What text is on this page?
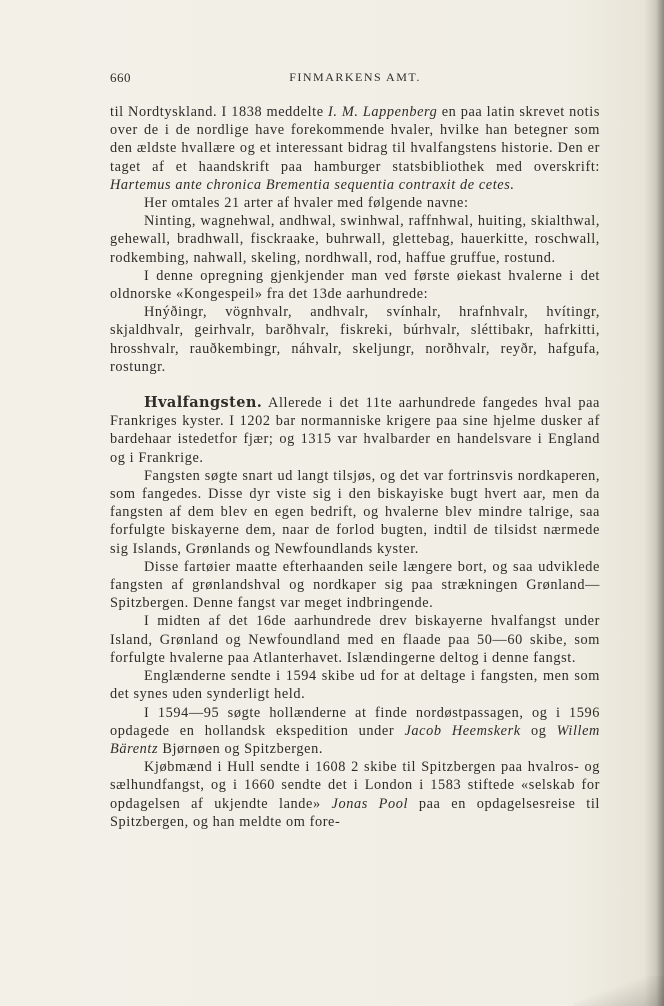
660	FINMARKENS AMT.

til Nordtyskland. I 1838 meddelte I. M. Lappenberg en paa latin skrevet notis over de i de nordlige have forekommende hvaler, hvilke han betegner som den ældste hvallære og et interessant bidrag til hvalfangstens historie. Den er taget af et haandskrift paa hamburger statsbibliothek med overskrift: Hartemus ante chronica Brementia sequentia contraxit de cetes.

Her omtales 21 arter af hvaler med følgende navne:

Ninting, wagnehwal, andhwal, swinhwal, raffnhwal, huiting, skialthwal, gehewall, bradhwall, fisckraake, buhrwall, glettebag, hauerkitte, roschwall, rodkembing, nahwall, skeling, nordhwall, rod, haffue gruffue, rostund.

I denne opregning gjenkjender man ved første øiekast hvalerne i det oldnorske «Kongespeil» fra det 13de aarhundrede:

Hnýðingr, vögnhvalr, andhvalr, svínhalr, hrafnhvalr, hvítingr, skjaldhvalr, geirhvalr, barðhvalr, fiskreki, búrhvalr, sléttibakr, hafrkitti, hrosshvalr, rauðkembingr, náhvalr, skeljungr, norðhvalr, reyðr, hafgufa, rostungr.

Hvalfangsten. Allerede i det 11te aarhundrede fangedes hval paa Frankriges kyster. I 1202 bar normanniske krigere paa sine hjelme dusker af bardehaar istedetfor fjær; og 1315 var hvalbarder en handelsvare i England og i Frankrige.

Fangsten søgte snart ud langt tilsjøs, og det var fortrinsvis nordkaperen, som fangedes. Disse dyr viste sig i den biskayiske bugt hvert aar, men da fangsten af dem blev en egen bedrift, og hvalerne blev mindre talrige, saa forfulgte biskayerne dem, naar de forlod bugten, indtil de tilsidst nærmede sig Islands, Grønlands og Newfoundlands kyster.

Disse fartøier maatte efterhaanden seile længere bort, og saa udviklede fangsten af grønlandshval og nordkaper sig paa strækningen Grønland—Spitzbergen. Denne fangst var meget indbringende.

I midten af det 16de aarhundrede drev biskayerne hvalfangst under Island, Grønland og Newfoundland med en flaade paa 50—60 skibe, som forfulgte hvalerne paa Atlanterhavet. Islændingerne deltog i denne fangst.

Englænderne sendte i 1594 skibe ud for at deltage i fangsten, men som det synes uden synderligt held.

I 1594—95 søgte hollænderne at finde nordøstpassagen, og i 1596 opdagede en hollandsk ekspedition under Jacob Heemskerk og Willem Bärentz Bjørnøen og Spitzbergen.

Kjøbmænd i Hull sendte i 1608 2 skibe til Spitzbergen paa hvalros- og sælhundfangst, og i 1660 sendte det i London i 1583 stiftede «selskab for opdagelsen af ukjendte lande» Jonas Pool paa en opdagelsesreise til Spitzbergen, og han meldte om fore-
